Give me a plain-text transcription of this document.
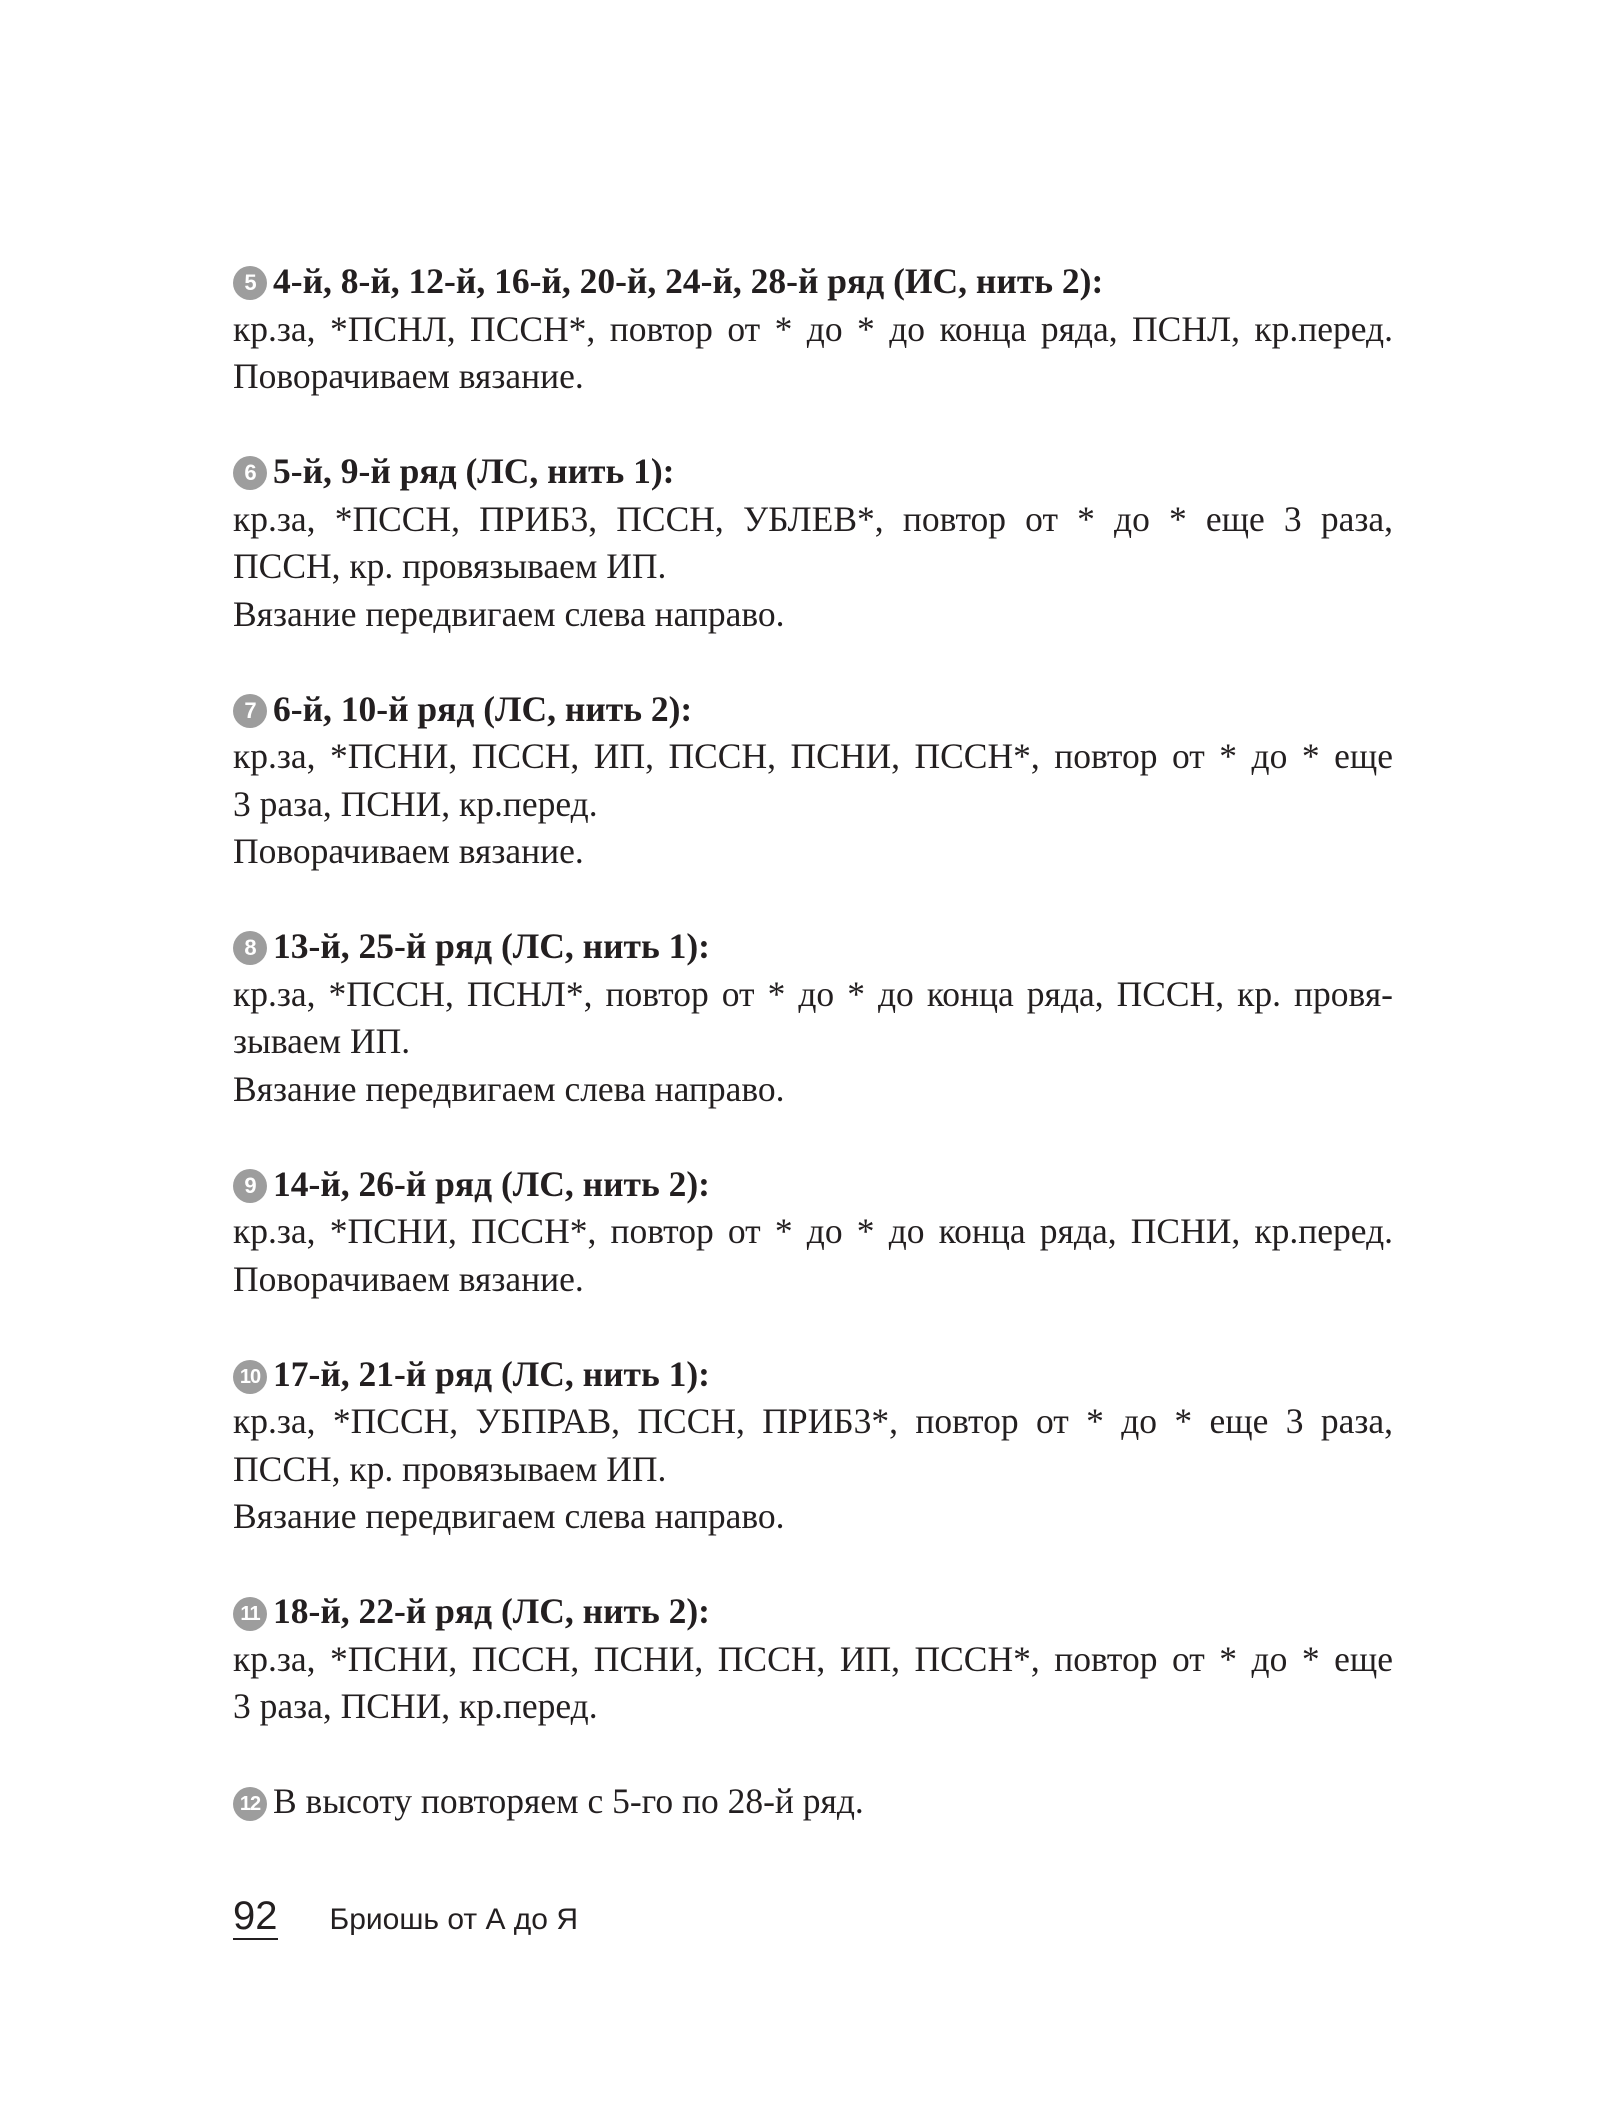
5 4-й, 8-й, 12-й, 16-й, 20-й, 24-й, 28-й ряд (ИС, нить 2):
кр.за, *ПСНЛ, ПССН*, повтор от * до * до конца ряда, ПСНЛ, кр.перед.
Поворачиваем вязание.
6 5-й, 9-й ряд (ЛС, нить 1):
кр.за, *ПССН, ПРИБ3, ПССН, УБЛЕВ*, повтор от * до * еще 3 раза,
ПССН, кр. провязываем ИП.
Вязание передвигаем слева направо.
7 6-й, 10-й ряд (ЛС, нить 2):
кр.за, *ПСНИ, ПССН, ИП, ПССН, ПСНИ, ПССН*, повтор от * до * еще
3 раза, ПСНИ, кр.перед.
Поворачиваем вязание.
8 13-й, 25-й ряд (ЛС, нить 1):
кр.за, *ПССН, ПСНЛ*, повтор от * до * до конца ряда, ПССН, кр. провя-
зываем ИП.
Вязание передвигаем слева направо.
9 14-й, 26-й ряд (ЛС, нить 2):
кр.за, *ПСНИ, ПССН*, повтор от * до * до конца ряда, ПСНИ, кр.перед.
Поворачиваем вязание.
10 17-й, 21-й ряд (ЛС, нить 1):
кр.за, *ПССН, УБПРАВ, ПССН, ПРИБ3*, повтор от * до * еще 3 раза,
ПССН, кр. провязываем ИП.
Вязание передвигаем слева направо.
11 18-й, 22-й ряд (ЛС, нить 2):
кр.за, *ПСНИ, ПССН, ПСНИ, ПССН, ИП, ПССН*, повтор от * до * еще
3 раза, ПСНИ, кр.перед.
12 В высоту повторяем с 5-го по 28-й ряд.
92 Бриошь от А до Я
